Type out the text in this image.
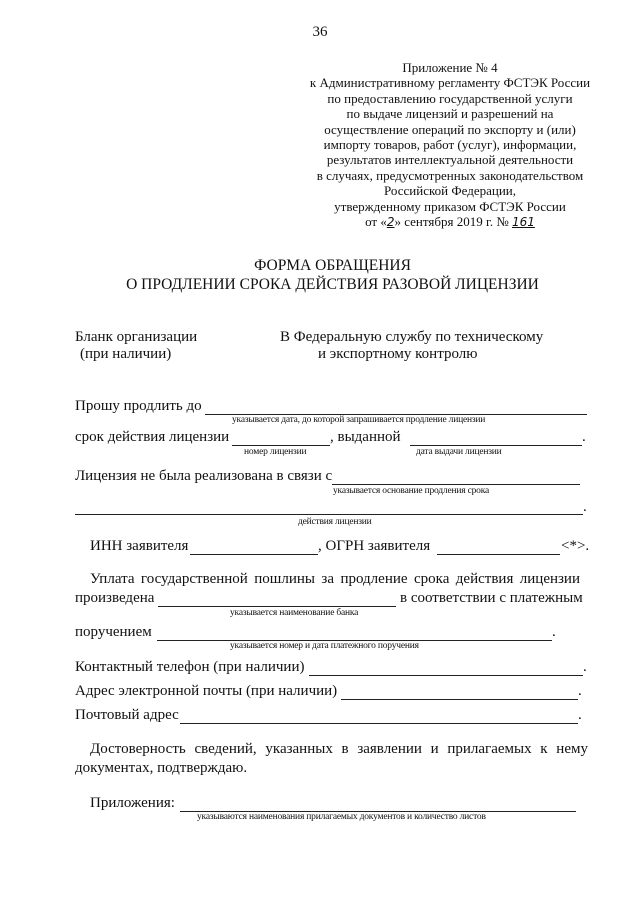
36
Приложение № 4
к Административному регламенту ФСТЭК России
по предоставлению государственной услуги
по выдаче лицензий и разрешений на
осуществление операций по экспорту и (или)
импорту товаров, работ (услуг), информации,
результатов интеллектуальной деятельности
в случаях, предусмотренных законодательством
Российской Федерации,
утвержденному приказом ФСТЭК России
от «2» сентября 2019 г. № 161
ФОРМА ОБРАЩЕНИЯ
О ПРОДЛЕНИИ СРОКА ДЕЙСТВИЯ РАЗОВОЙ ЛИЦЕНЗИИ
Бланк организации
(при наличии)
В Федеральную службу по техническому
и экспортному контролю
Прошу продлить до
указывается дата, до которой запрашивается продление лицензии
срок действия лицензии	, выданной	.
номер лицензии	дата выдачи лицензии
Лицензия не была реализована в связи с
указывается основание продления срока
.
действия лицензии
ИНН заявителя	, ОГРН заявителя	<*>.
Уплата государственной пошлины за продление срока действия лицензии
произведена	в соответствии с платежным
указывается наименование банка
поручением	.
указывается номер и дата платежного поручения
Контактный телефон (при наличии)	.
Адрес электронной почты (при наличии)	.
Почтовый адрес	.
Достоверность сведений, указанных в заявлении и прилагаемых к нему
документах, подтверждаю.
Приложения:
указываются наименования прилагаемых документов и количество листов
